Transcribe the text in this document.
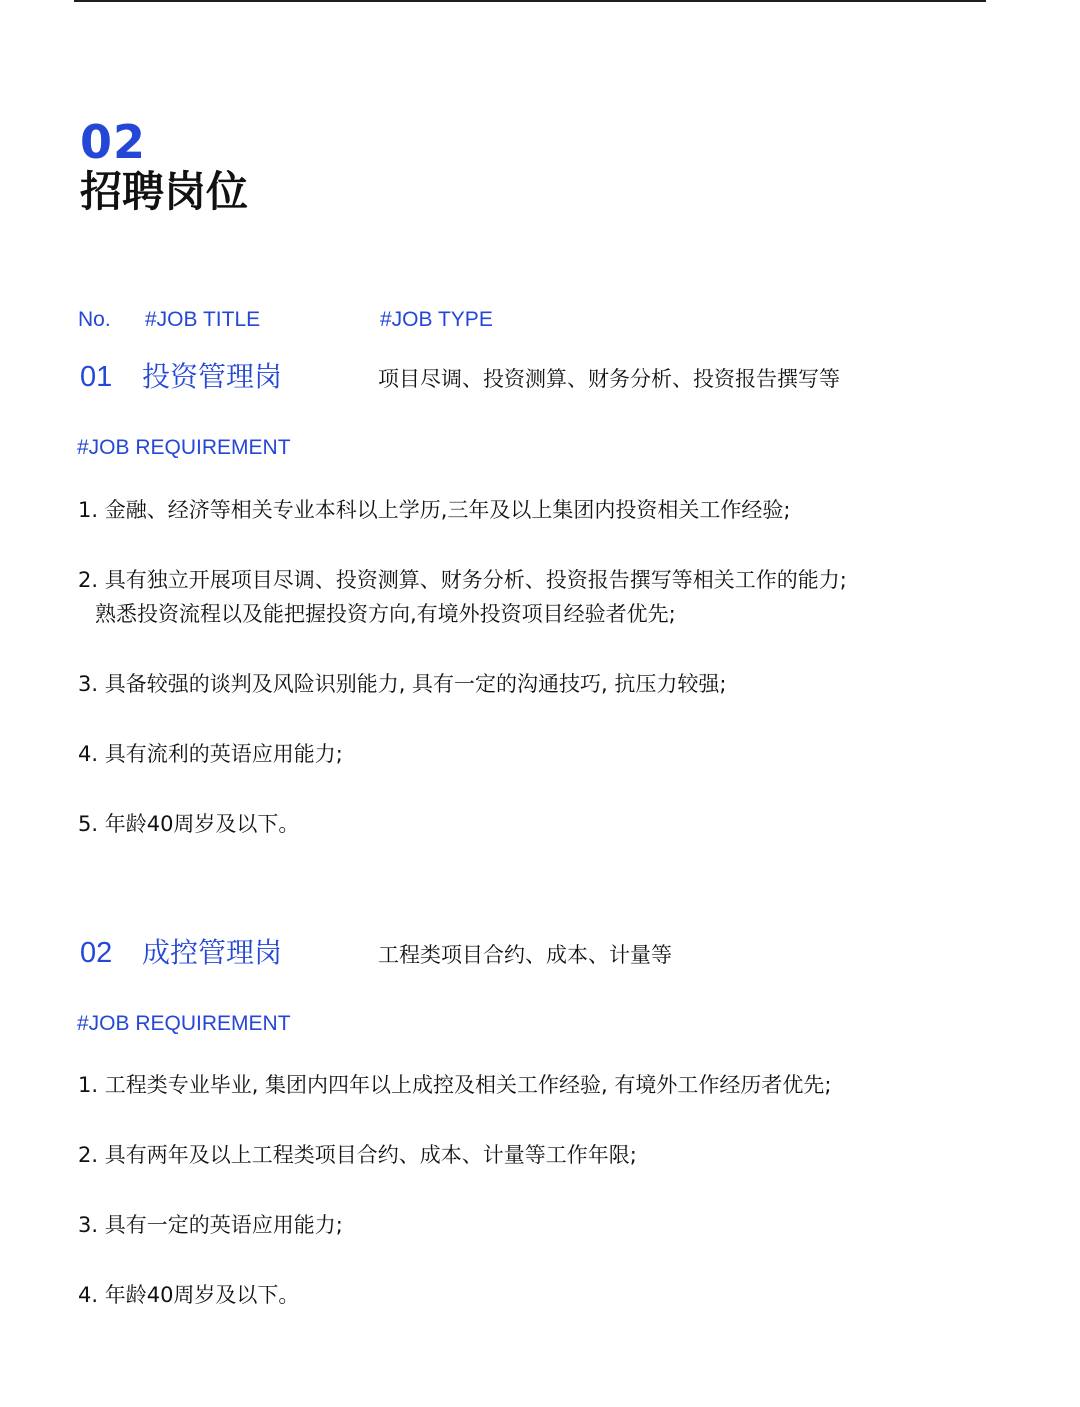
02
招聘岗位
No. #JOB TITLE	#JOB TYPE
01 投资管理岗	项目尽调、投资测算、财务分析、投资报告撰写等
#JOB REQUIREMENT
1. 金融、经济等相关专业本科以上学历,三年及以上集团内投资相关工作经验;
2. 具有独立开展项目尽调、投资测算、财务分析、投资报告撰写等相关工作的能力;
熟悉投资流程以及能把握投资方向,有境外投资项目经验者优先;
3. 具备较强的谈判及风险识别能力, 具有一定的沟通技巧, 抗压力较强;
4. 具有流利的英语应用能力;
5. 年龄40周岁及以下。
02 成控管理岗	工程类项目合约、成本、计量等
#JOB REQUIREMENT
1. 工程类专业毕业, 集团内四年以上成控及相关工作经验, 有境外工作经历者优先;
2. 具有两年及以上工程类项目合约、成本、计量等工作年限;
3. 具有一定的英语应用能力;
4. 年龄40周岁及以下。
